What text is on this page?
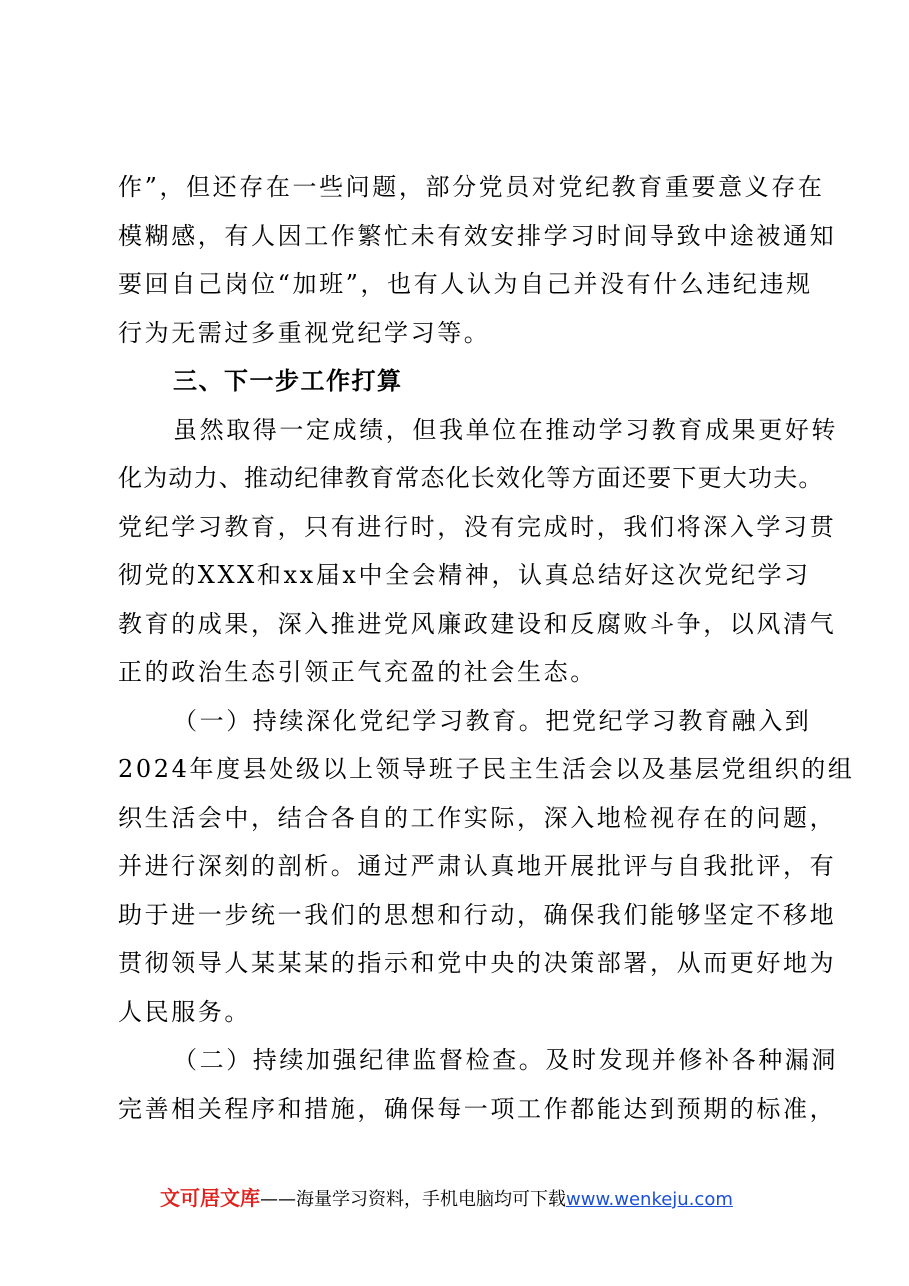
作”，但还存在一些问题，部分党员对党纪教育重要意义存在
模糊感，有人因工作繁忙未有效安排学习时间导致中途被通知
要回自己岗位“加班”，也有人认为自己并没有什么违纪违规
行为无需过多重视党纪学习等。
三、下一步工作打算
虽然取得一定成绩，但我单位在推动学习教育成果更好转
化为动力、推动纪律教育常态化长效化等方面还要下更大功夫。
党纪学习教育，只有进行时，没有完成时，我们将深入学习贯
彻党的XXX和xx届x中全会精神，认真总结好这次党纪学习
教育的成果，深入推进党风廉政建设和反腐败斗争，以风清气
正的政治生态引领正气充盈的社会生态。
（一）持续深化党纪学习教育。把党纪学习教育融入到
2024年度县处级以上领导班子民主生活会以及基层党组织的组
织生活会中，结合各自的工作实际，深入地检视存在的问题，
并进行深刻的剖析。通过严肃认真地开展批评与自我批评，有
助于进一步统一我们的思想和行动，确保我们能够坚定不移地
贯彻领导人某某某的指示和党中央的决策部署，从而更好地为
人民服务。
（二）持续加强纪律监督检查。及时发现并修补各种漏洞
完善相关程序和措施，确保每一项工作都能达到预期的标准，
文可居文库——海量学习资料，手机电脑均可下载www.wenkeju.com
